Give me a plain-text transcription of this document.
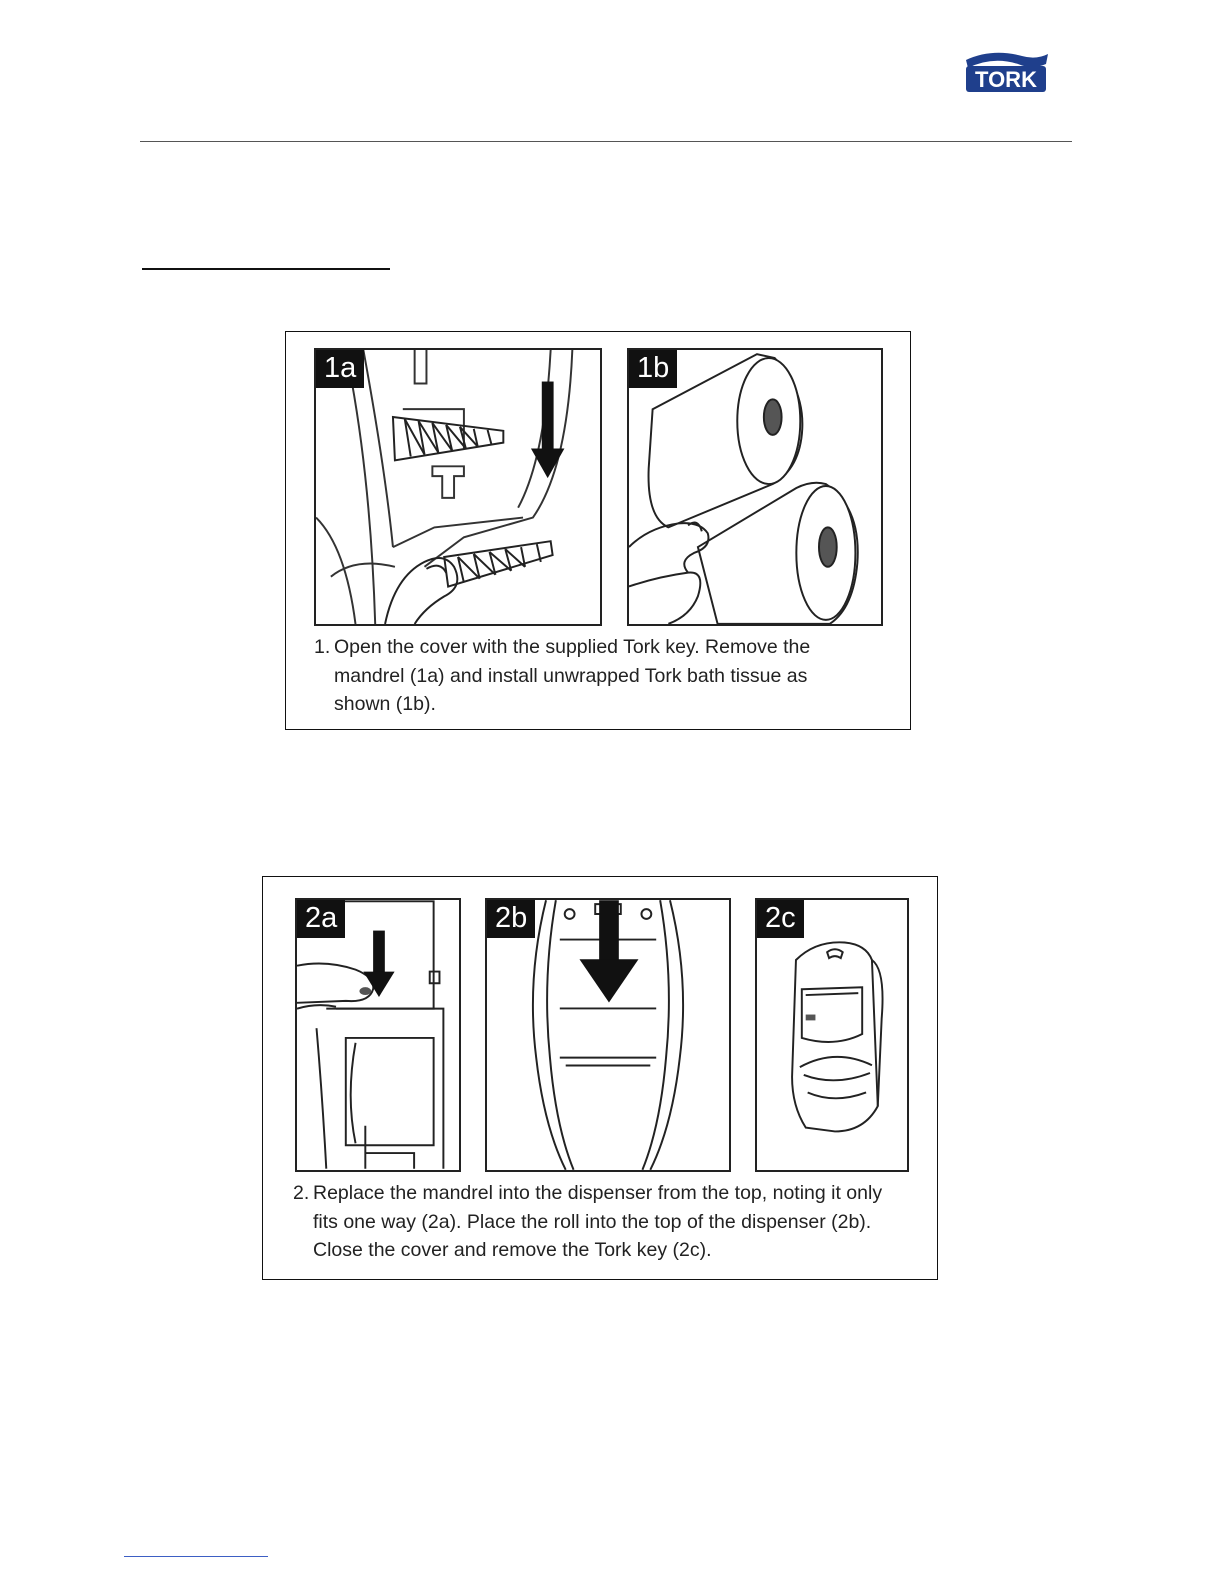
TORK
1a	1b
1. Open the cover with the supplied Tork key. Remove the
mandrel (1a) and install unwrapped Tork bath tissue as
shown (1b).
2a	2b	2c
2. Replace the mandrel into the dispenser from the top, noting it only
fits one way (2a). Place the roll into the top of the dispenser (2b).
Close the cover and remove the Tork key (2c).
